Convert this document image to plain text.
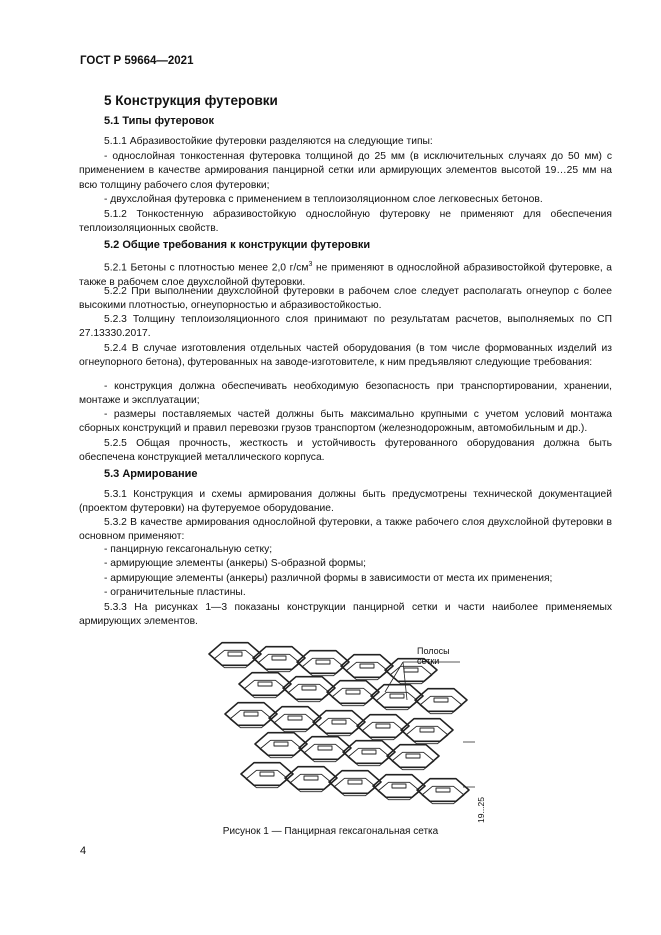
ГОСТ Р 59664—2021
5 Конструкция футеровки
5.1 Типы футеровок
5.1.1 Абразивостойкие футеровки разделяются на следующие типы:
- однослойная тонкостенная футеровка толщиной до 25 мм (в исключительных случаях до 50 мм) с применением в качестве армирования панцирной сетки или армирующих элементов высотой 19…25 мм на всю толщину рабочего слоя футеровки;
- двухслойная футеровка с применением в теплоизоляционном слое легковесных бетонов.
5.1.2 Тонкостенную абразивостойкую однослойную футеровку не применяют для обеспечения теплоизоляционных свойств.
5.2 Общие требования к конструкции футеровки
5.2.1 Бетоны с плотностью менее 2,0 $г/см^3$ не применяют в однослойной абразивостойкой футеровке, а также в рабочем слое двухслойной футеровки.
5.2.2 При выполнении двухслойной футеровки в рабочем слое следует располагать огнеупор с более высокими плотностью, огнеупорностью и абразивостойкостью.
5.2.3 Толщину теплоизоляционного слоя принимают по результатам расчетов, выполняемых по СП 27.13330.2017.
5.2.4 В случае изготовления отдельных частей оборудования (в том числе формованных изделий из огнеупорного бетона), футерованных на заводе-изготовителе, к ним предъявляют следующие требования:
- конструкция должна обеспечивать необходимую безопасность при транспортировании, хранении, монтаже и эксплуатации;
- размеры поставляемых частей должны быть максимально крупными с учетом условий монтажа сборных конструкций и правил перевозки грузов транспортом (железнодорожным, автомобильным и др.).
5.2.5 Общая прочность, жесткость и устойчивость футерованного оборудования должна быть обеспечена конструкцией металлического корпуса.
5.3 Армирование
5.3.1 Конструкция и схемы армирования должны быть предусмотрены технической документацией (проектом футеровки) на футеруемое оборудование.
5.3.2 В качестве армирования однослойной футеровки, а также рабочего слоя двухслойной футеровки в основном применяют:
- панцирную гексагональную сетку;
- армирующие элементы (анкеры) S-образной формы;
- армирующие элементы (анкеры) различной формы в зависимости от места их применения;
- ограничительные пластины.
5.3.3 На рисунках 1—3 показаны конструкции панцирной сетки и части наиболее применяемых армирующих элементов.
Полосы
сетки
19...25
Рисунок 1 — Панцирная гексагональная сетка
4
